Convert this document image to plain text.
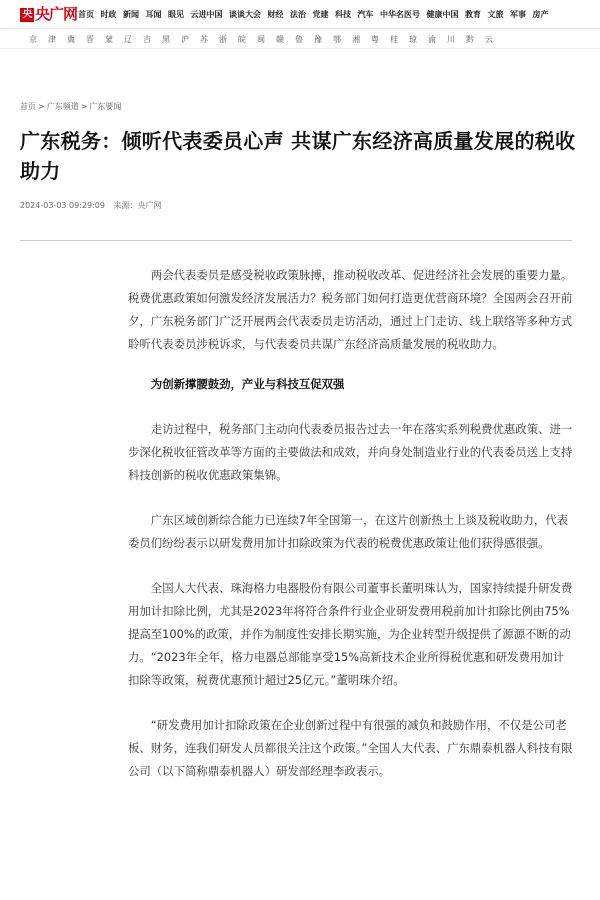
央 央广网 首页 时政 新闻 耳闻 眼见 云进中国 谈谈大会 财经 法治 党建 科技 汽车 中华名医号 健康中国 教育 文旅 军事 房产
京 津 冀 晋 蒙 辽 吉 黑 沪 苏 浙 皖 闽 赣 鲁 豫 鄂 湘 粤 桂 琼 渝 川 黔 云
首页 > 广东频道 > 广东要闻
广东税务：倾听代表委员心声 共谋广东经济高质量发展的税收助力
2024-03-03 09:29:09 来源：央广网

两会代表委员是感受税收政策脉搏，推动税收改革、促进经济社会发展的重要力量。税费优惠政策如何激发经济发展活力？税务部门如何打造更优营商环境？全国两会召开前夕，广东税务部门广泛开展两会代表委员走访活动，通过上门走访、线上联络等多种方式聆听代表委员涉税诉求，与代表委员共谋广东经济高质量发展的税收助力。

为创新撑腰鼓劲，产业与科技互促双强

走访过程中，税务部门主动向代表委员报告过去一年在落实系列税费优惠政策、进一步深化税收征管改革等方面的主要做法和成效，并向身处制造业行业的代表委员送上支持科技创新的税收优惠政策集锦。

广东区域创新综合能力已连续7年全国第一，在这片创新热土上谈及税收助力，代表委员们纷纷表示以研发费用加计扣除政策为代表的税费优惠政策让他们获得感很强。

全国人大代表、珠海格力电器股份有限公司董事长董明珠认为，国家持续提升研发费用加计扣除比例，尤其是2023年将符合条件行业企业研发费用税前加计扣除比例由75%提高至100%的政策，并作为制度性安排长期实施，为企业转型升级提供了源源不断的动力。“2023年全年，格力电器总部能享受15%高新技术企业所得税优惠和研发费用加计扣除等政策，税费优惠预计超过25亿元。”董明珠介绍。

“研发费用加计扣除政策在企业创新过程中有很强的减负和鼓励作用，不仅是公司老板、财务，连我们研发人员都很关注这个政策。”全国人大代表、广东鼎泰机器人科技有限公司（以下简称鼎泰机器人）研发部经理李政表示。
